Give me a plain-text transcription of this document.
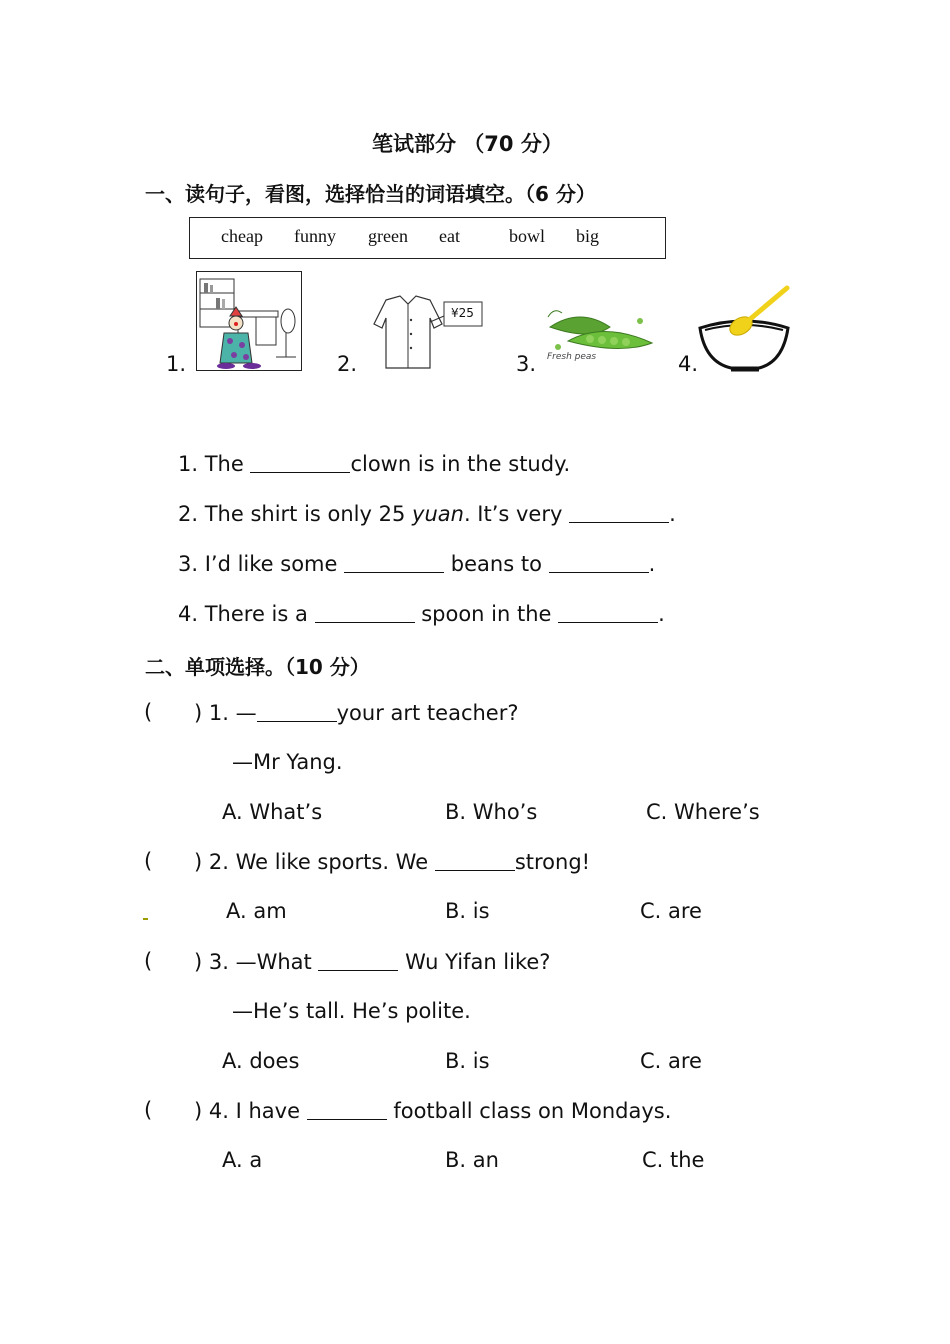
笔试部分 （70 分）
一、读句子，看图，选择恰当的词语填空。（6 分）
cheap funny green eat	bowl big
1.	2.
¥25
3. Fresh peas	4.
1. The	clown is in the study.
2. The shirt is only 25 yuan. It’s very	.
3. I’d like some	beans to	.
4. There is a	spoon in the	.
二、单项选择。（10 分）
( ) 1. —	your art teacher?
—Mr Yang.
A. What’s	B. Who’s	C. Where’s
( ) 2. We like sports. We	strong!
A. am	B. is	C. are
( ) 3. —What	Wu Yifan like?
—He’s tall. He’s polite.
A. does	B. is	C. are
( ) 4. I have	football class on Mondays.
A. a	B. an	C. the
